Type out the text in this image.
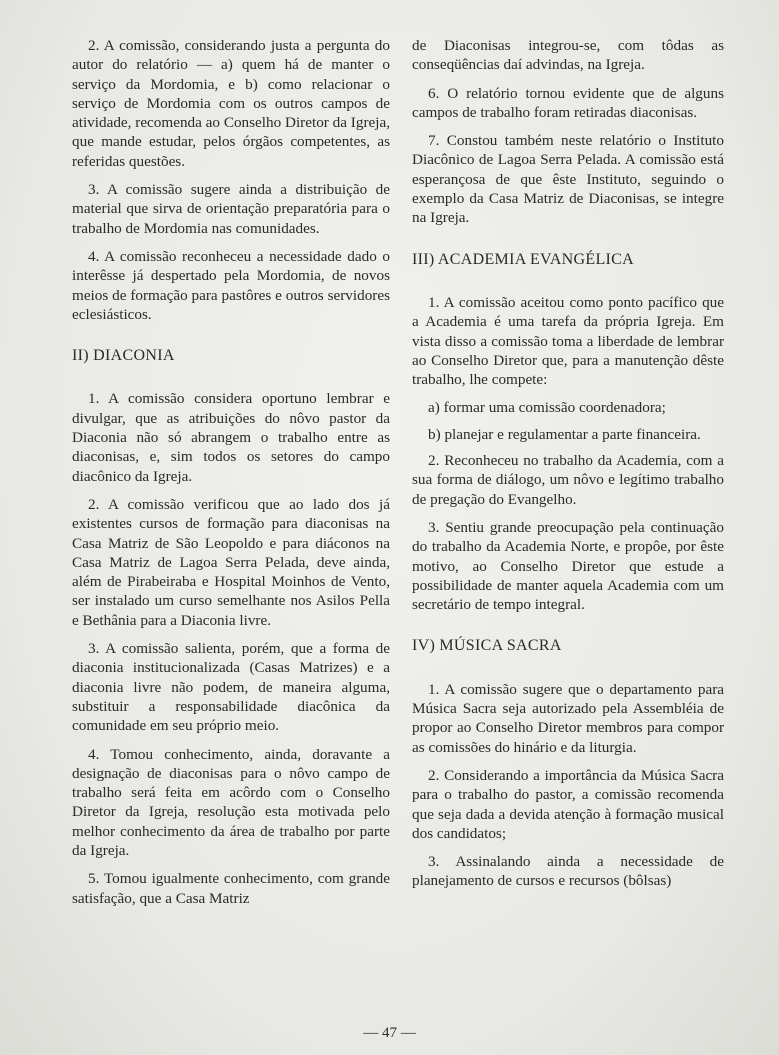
2. A comissão, considerando justa a pergunta do autor do relatório — a) quem há de manter o serviço da Mordomia, e b) como relacionar o serviço de Mordomia com os outros campos de atividade, recomenda ao Conselho Diretor da Igreja, que mande estudar, pelos órgãos competentes, as referidas questões.

3. A comissão sugere ainda a distribuição de material que sirva de orientação preparatória para o trabalho de Mordomia nas comunidades.

4. A comissão reconheceu a necessidade dado o interêsse já despertado pela Mordomia, de novos meios de formação para pastôres e outros servidores eclesiásticos.

II) DIACONIA

1. A comissão considera oportuno lembrar e divulgar, que as atribuições do nôvo pastor da Diaconia não só abrangem o trabalho entre as diaconisas, e, sim todos os setores do campo diacônico da Igreja.

2. A comissão verificou que ao lado dos já existentes cursos de formação para diaconisas na Casa Matriz de São Leopoldo e para diáconos na Casa Matriz de Lagoa Serra Pelada, deve ainda, além de Pirabeiraba e Hospital Moinhos de Vento, ser instalado um curso semelhante nos Asilos Pella e Bethânia para a Diaconia livre.

3. A comissão salienta, porém, que a forma de diaconia institucionalizada (Casas Matrizes) e a diaconia livre não podem, de maneira alguma, substituir a responsabilidade diacônica da comunidade em seu próprio meio.

4. Tomou conhecimento, ainda, doravante a designação de diaconisas para o nôvo campo de trabalho será feita em acôrdo com o Conselho Diretor da Igreja, resolução esta motivada pelo melhor conhecimento da área de trabalho por parte da Igreja.

5. Tomou igualmente conhecimento, com grande satisfação, que a Casa Matriz

de Diaconisas integrou-se, com tôdas as conseqüências daí advindas, na Igreja.

6. O relatório tornou evidente que de alguns campos de trabalho foram retiradas diaconisas.

7. Constou também neste relatório o Instituto Diacônico de Lagoa Serra Pelada. A comissão está esperançosa de que êste Instituto, seguindo o exemplo da Casa Matriz de Diaconisas, se integre na Igreja.

III) ACADEMIA EVANGÉLICA

1. A comissão aceitou como ponto pacífico que a Academia é uma tarefa da própria Igreja. Em vista disso a comissão toma a liberdade de lembrar ao Conselho Diretor que, para a manutenção dêste trabalho, lhe compete:

a) formar uma comissão coordenadora;

b) planejar e regulamentar a parte financeira.

2. Reconheceu no trabalho da Academia, com a sua forma de diálogo, um nôvo e legítimo trabalho de pregação do Evangelho.

3. Sentiu grande preocupação pela continuação do trabalho da Academia Norte, e propôe, por êste motivo, ao Conselho Diretor que estude a possibilidade de manter aquela Academia com um secretário de tempo integral.

IV) MÚSICA SACRA

1. A comissão sugere que o departamento para Música Sacra seja autorizado pela Assembléia de propor ao Conselho Diretor membros para compor as comissões do hinário e da liturgia.

2. Considerando a importância da Música Sacra para o trabalho do pastor, a comissão recomenda que seja dada a devida atenção à formação musical dos candidatos;

3. Assinalando ainda a necessidade de planejamento de cursos e recursos (bôlsas)

— 47 —
